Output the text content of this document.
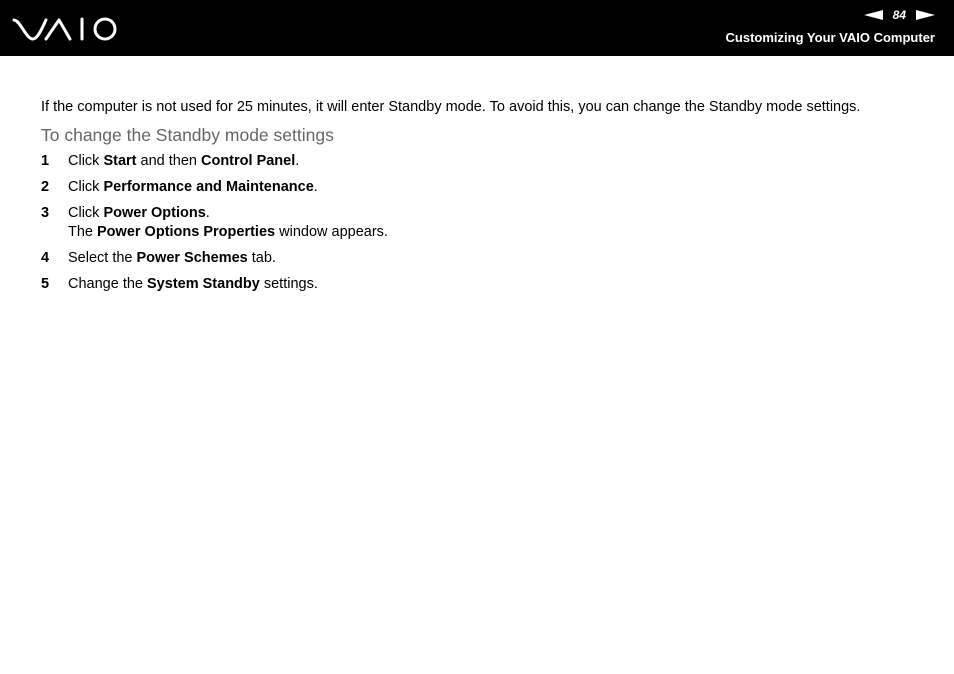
84
Customizing Your VAIO Computer

If the computer is not used for 25 minutes, it will enter Standby mode. To avoid this, you can change the Standby mode settings.

To change the Standby mode settings
1 Click Start and then Control Panel.
2 Click Performance and Maintenance.
3 Click Power Options.
The Power Options Properties window appears.
4 Select the Power Schemes tab.
5 Change the System Standby settings.
